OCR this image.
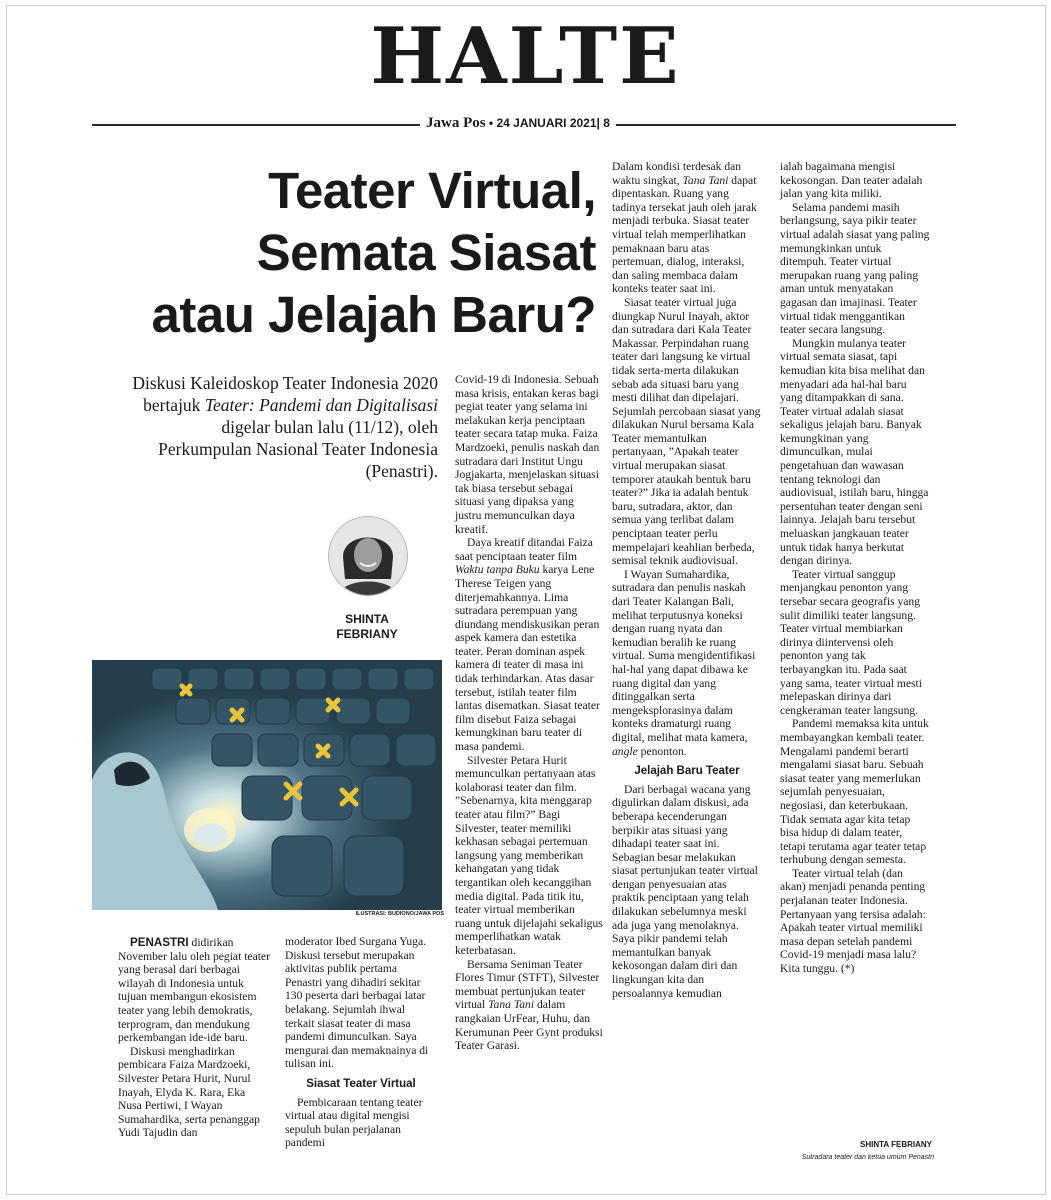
HALTE
Jawa Pos • 24 JANUARI 2021| 8
Teater Virtual,
Semata Siasat
atau Jelajah Baru?
Diskusi Kaleidoskop Teater Indonesia 2020 bertajuk Teater: Pandemi dan Digitalisasi digelar bulan lalu (11/12), oleh Perkumpulan Nasional Teater Indonesia (Penastri).
SHINTA
FEBRIANY
ILUSTRASI: BUDIONO/JAWA POS

PENASTRI didirikan November lalu oleh pegiat teater yang berasal dari berbagai wilayah di Indonesia untuk tujuan membangun ekosistem teater yang lebih demokratis, terprogram, dan mendukung perkembangan ide-ide baru.

Diskusi menghadirkan pembicara Faiza Mardzoeki, Silvester Petara Hurit, Nurul Inayah, Elyda K. Rara, Eka Nusa Pertiwi, I Wayan Sumahardika, serta penanggap Yudi Tajudin dan

moderator Ibed Surgana Yuga. Diskusi tersebut merupakan aktivitas publik pertama Penastri yang dihadiri sekitar 130 peserta dari berbagai latar belakang. Sejumlah ihwal terkait siasat teater di masa pandemi dimunculkan. Saya mengurai dan memaknainya di tulisan ini.

Siasat Teater Virtual

Pembicaraan tentang teater virtual atau digital mengisi sepuluh bulan perjalanan pandemi

Covid-19 di Indonesia. Sebuah masa krisis, entakan keras bagi pegiat teater yang selama ini melakukan kerja penciptaan teater secara tatap muka. Faiza Mardzoeki, penulis naskah dan sutradara dari Institut Ungu Jogjakarta, menjelaskan situasi tak biasa tersebut sebagai situasi yang dipaksa yang justru memunculkan daya kreatif.

Daya kreatif ditandai Faiza saat penciptaan teater film Waktu tanpa Buku karya Lene Therese Teigen yang diterjemahkannya. Lima sutradara perempuan yang diundang mendiskusikan peran aspek kamera dan estetika teater. Peran dominan aspek kamera di teater di masa ini tidak terhindarkan. Atas dasar tersebut, istilah teater film lantas disematkan. Siasat teater film disebut Faiza sebagai kemungkinan baru teater di masa pandemi.

Silvester Petara Hurit memunculkan pertanyaan atas kolaborasi teater dan film. ”Sebenarnya, kita menggarap teater atau film?” Bagi Silvester, teater memiliki kekhasan sebagai pertemuan langsung yang memberikan kehangatan yang tidak tergantikan oleh kecanggihan media digital. Pada titik itu, teater virtual memberikan ruang untuk dijelajahi sekaligus memperlihatkan watak keterbatasan.

Bersama Seniman Teater Flores Timur (STFT), Silvester membuat pertunjukan teater virtual Tana Tani dalam rangkaian UrFear, Huhu, dan Kerumunan Peer Gynt produksi Teater Garasi.

Dalam kondisi terdesak dan waktu singkat, Tana Tani dapat dipentaskan. Ruang yang tadinya tersekat jauh oleh jarak menjadi terbuka. Siasat teater virtual telah memperlihatkan pemaknaan baru atas pertemuan, dialog, interaksi, dan saling membaca dalam konteks teater saat ini.

Siasat teater virtual juga diungkap Nurul Inayah, aktor dan sutradara dari Kala Teater Makassar. Perpindahan ruang teater dari langsung ke virtual tidak serta-merta dilakukan sebab ada situasi baru yang mesti dilihat dan dipelajari. Sejumlah percobaan siasat yang dilakukan Nurul bersama Kala Teater memantulkan pertanyaan, ”Apakah teater virtual merupakan siasat temporer ataukah bentuk baru teater?” Jika ia adalah bentuk baru, sutradara, aktor, dan semua yang terlibat dalam penciptaan teater perlu mempelajari keahlian berbeda, semisal teknik audiovisual.

I Wayan Sumahardika, sutradara dan penulis naskah dari Teater Kalangan Bali, melihat terputusnya koneksi dengan ruang nyata dan kemudian beralih ke ruang virtual. Suma mengidentifikasi hal-hal yang dapat dibawa ke ruang digital dan yang ditinggalkan serta mengeksplorasinya dalam konteks dramaturgi ruang digital, melihat mata kamera, angle penonton.

Jelajah Baru Teater

Dari berbagai wacana yang digulirkan dalam diskusi, ada beberapa kecenderungan berpikir atas situasi yang dihadapi teater saat ini. Sebagian besar melakukan siasat pertunjukan teater virtual dengan penyesuaian atas praktik penciptaan yang telah dilakukan sebelumnya meski ada juga yang menolaknya. Saya pikir pandemi telah memantulkan banyak kekosongan dalam diri dan lingkungan kita dan persoalannya kemudian

ialah bagaimana mengisi kekosongan. Dan teater adalah jalan yang kita miliki.

Selama pandemi masih berlangsung, saya pikir teater virtual adalah siasat yang paling memungkinkan untuk ditempuh. Teater virtual merupakan ruang yang paling aman untuk menyatakan gagasan dan imajinasi. Teater virtual tidak menggantikan teater secara langsung.

Mungkin mulanya teater virtual semata siasat, tapi kemudian kita bisa melihat dan menyadari ada hal-hal baru yang ditampakkan di sana. Teater virtual adalah siasat sekaligus jelajah baru. Banyak kemungkinan yang dimunculkan, mulai pengetahuan dan wawasan tentang teknologi dan audiovisual, istilah baru, hingga persentuhan teater dengan seni lainnya. Jelajah baru tersebut meluaskan jangkauan teater untuk tidak hanya berkutat dengan dirinya.

Teater virtual sanggup menjangkau penonton yang tersebar secara geografis yang sulit dimiliki teater langsung. Teater virtual membiarkan dirinya diintervensi oleh penonton yang tak terbayangkan itu. Pada saat yang sama, teater virtual mesti melepaskan dirinya dari cengkeraman teater langsung.

Pandemi memaksa kita untuk membayangkan kembali teater. Mengalami pandemi berarti mengalami siasat baru. Sebuah siasat teater yang memerlukan sejumlah penyesuaian, negosiasi, dan keterbukaan. Tidak semata agar kita tetap bisa hidup di dalam teater, tetapi terutama agar teater tetap terhubung dengan semesta.

Teater virtual telah (dan akan) menjadi penanda penting perjalanan teater Indonesia. Pertanyaan yang tersisa adalah: Apakah teater virtual memiliki masa depan setelah pandemi Covid-19 menjadi masa lalu? Kita tunggu. (*)

SHINTA FEBRIANY
Sutradara teater dan ketua umum Penastri
